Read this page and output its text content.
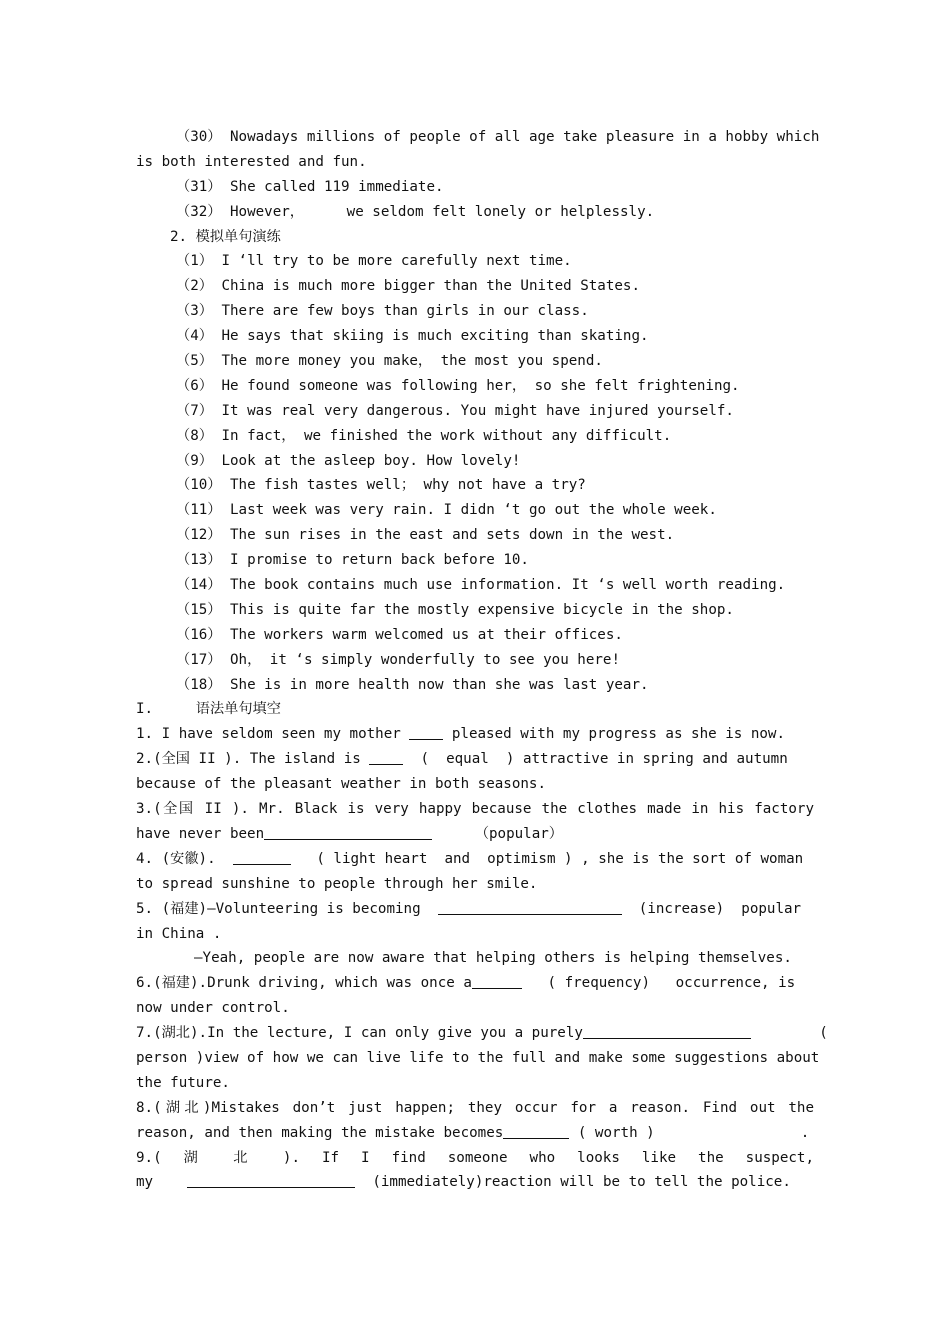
（30） Nowadays millions of people of all age take pleasure in a hobby which
is both interested and fun.
（31） She called 119 immediate.
（32） However，     we seldom felt lonely or helplessly.
2. 模拟单句演练
（1） I ‘ll try to be more carefully next time.
（2） China is much more bigger than the United States.
（3） There are few boys than girls in our class.
（4） He says that skiing is much exciting than skating.
（5） The more money you make， the most you spend.
（6） He found someone was following her， so she felt frightening.
（7） It was real very dangerous. You might have injured yourself.
（8） In fact， we finished the work without any difficult.
（9） Look at the asleep boy. How lovely!
（10） The fish tastes well； why not have a try?
（11） Last week was very rain. I didn ‘t go out the whole week.
（12） The sun rises in the east and sets down in the west.
（13） I promise to return back before 10.
（14） The book contains much use information. It ‘s well worth reading.
（15） This is quite far the mostly expensive bicycle in the shop.
（16） The workers warm welcomed us at their offices.
（17） Oh， it ‘s simply wonderfully to see you here!
（18） She is in more health now than she was last year.
I.     语法单句填空
1. I have seldom seen my mother  pleased with my progress as she is now.
2.(全国 II ). The island is   (  equal  ) attractive in spring and autumn
because of the pleasant weather in both seasons.
3.(全国 II ). Mr. Black is very happy because the clothes made in his factory
have never been	（popular）
4. (安徽).	( light heart  and  optimism ) , she is the sort of woman
to spread sunshine to people through her smile.
5. (福建)—Volunteering is becoming	(increase)  popular
in China .
—Yeah, people are now aware that helping others is helping themselves.
6.(福建).Drunk driving, which was once a	( frequency)   occurrence, is
now under control.
7.(湖北).In the lecture, I can only give you a purely	(
person )view of how we can live life to the full and make some suggestions about
the future.
8.(湖北)Mistakes don’t just happen; they occur for a reason. Find out the
reason, and then making the mistake becomes	( worth )	.
9.( 湖 北 ). If I find someone who looks like the suspect,
my	(immediately)reaction will be to tell the police.
